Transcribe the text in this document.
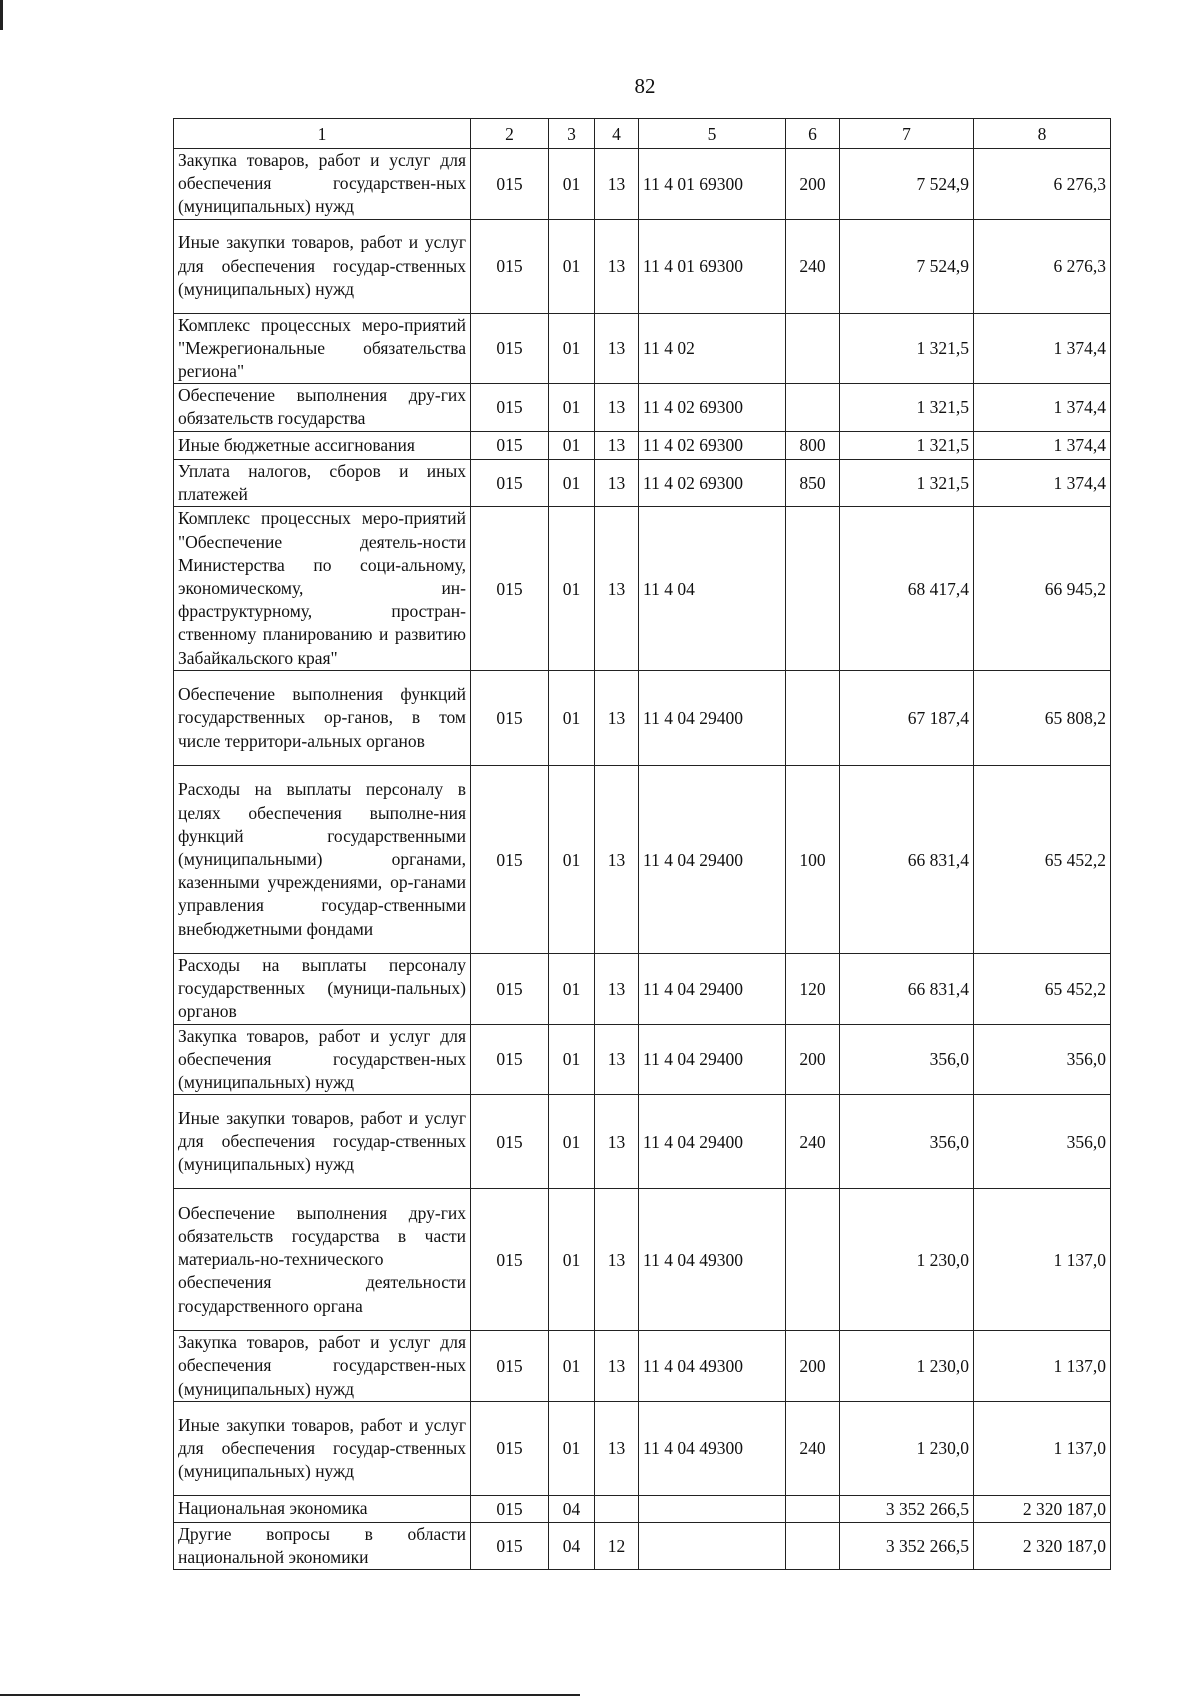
82
1	2	3	4	5	6	7	8
Закупка товаров, работ и услуг для обеспечения государствен-ных (муниципальных) нужд	015	01	13	11 4 01 69300	200	7 524,9	6 276,3
Иные закупки товаров, работ и услуг для обеспечения государ-ственных (муниципальных) нужд	015	01	13	11 4 01 69300	240	7 524,9	6 276,3
Комплекс процессных меро-приятий "Межрегиональные обязательства региона"	015	01	13	11 4 02		1 321,5	1 374,4
Обеспечение выполнения дру-гих обязательств государства	015	01	13	11 4 02 69300		1 321,5	1 374,4
Иные бюджетные ассигнования	015	01	13	11 4 02 69300	800	1 321,5	1 374,4
Уплата налогов, сборов и иных платежей	015	01	13	11 4 02 69300	850	1 321,5	1 374,4
Комплекс процессных меро-приятий "Обеспечение деятель-ности Министерства по соци-альному, экономическому, ин-фраструктурному, простран-ственному планированию и развитию Забайкальского края"	015	01	13	11 4 04		68 417,4	66 945,2
Обеспечение выполнения функций государственных ор-ганов, в том числе территори-альных органов	015	01	13	11 4 04 29400		67 187,4	65 808,2
Расходы на выплаты персоналу в целях обеспечения выполне-ния функций государственными (муниципальными) органами, казенными учреждениями, ор-ганами управления государ-ственными внебюджетными фондами	015	01	13	11 4 04 29400	100	66 831,4	65 452,2
Расходы на выплаты персоналу государственных (муници-пальных) органов	015	01	13	11 4 04 29400	120	66 831,4	65 452,2
Закупка товаров, работ и услуг для обеспечения государствен-ных (муниципальных) нужд	015	01	13	11 4 04 29400	200	356,0	356,0
Иные закупки товаров, работ и услуг для обеспечения государ-ственных (муниципальных) нужд	015	01	13	11 4 04 29400	240	356,0	356,0
Обеспечение выполнения дру-гих обязательств государства в части материаль-но-технического обеспечения деятельности государственного органа	015	01	13	11 4 04 49300		1 230,0	1 137,0
Закупка товаров, работ и услуг для обеспечения государствен-ных (муниципальных) нужд	015	01	13	11 4 04 49300	200	1 230,0	1 137,0
Иные закупки товаров, работ и услуг для обеспечения государ-ственных (муниципальных) нужд	015	01	13	11 4 04 49300	240	1 230,0	1 137,0
Национальная экономика	015	04				3 352 266,5	2 320 187,0
Другие вопросы в области национальной экономики	015	04	12			3 352 266,5	2 320 187,0
